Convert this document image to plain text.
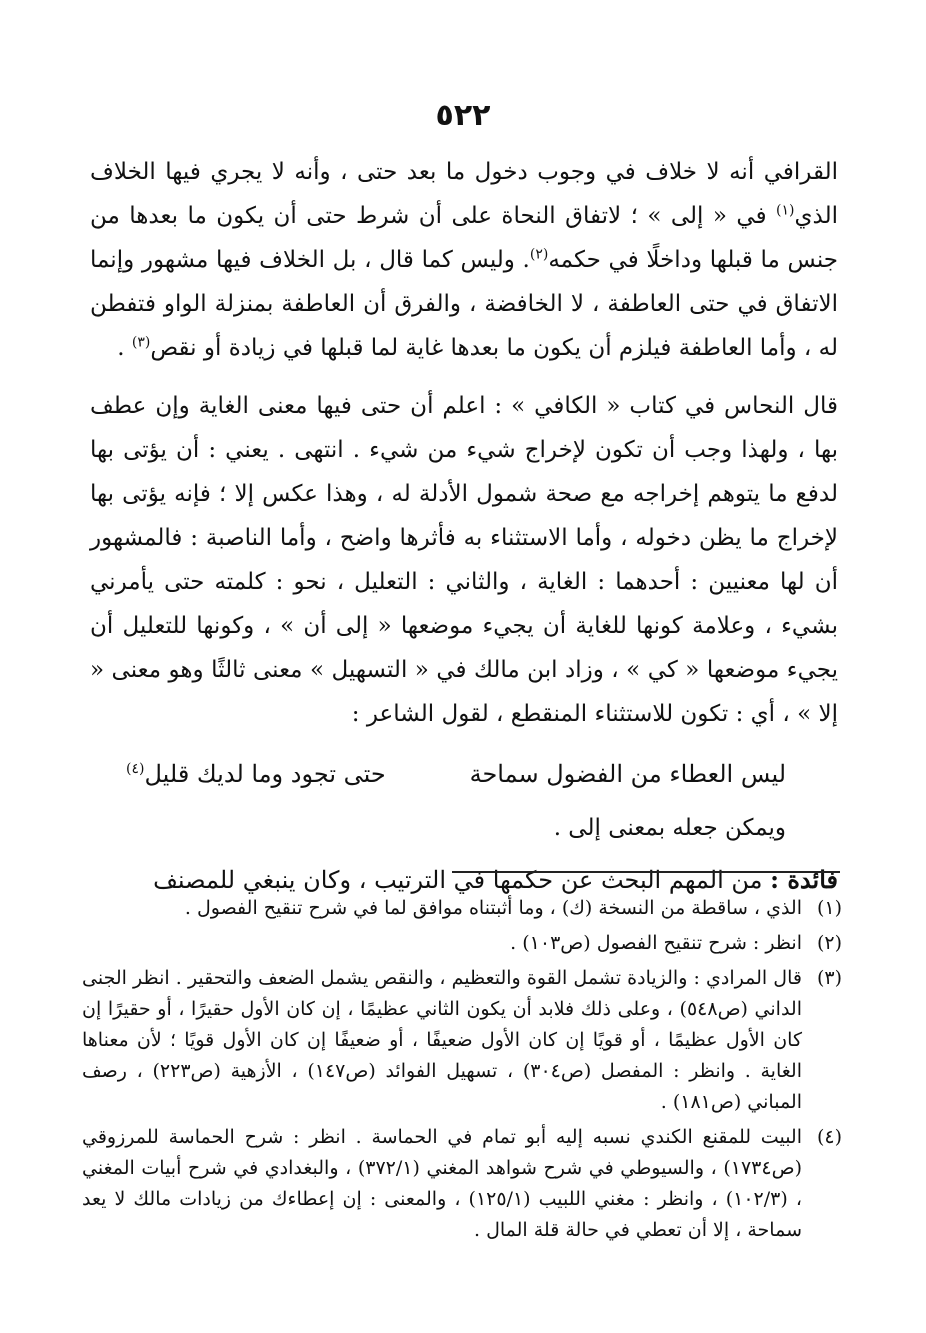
٥٢٢

القرافي أنه لا خلاف في وجوب دخول ما بعد حتى ، وأنه لا يجري فيها الخلاف الذي$^{(١)}$ في « إلى » ؛ لاتفاق النحاة على أن شرط حتى أن يكون ما بعدها من جنس ما قبلها وداخلًا في حكمه$^{(٢)}$. وليس كما قال ، بل الخلاف فيها مشهور وإنما الاتفاق في حتى العاطفة ، لا الخافضة ، والفرق أن العاطفة بمنزلة الواو فتفطن له ، وأما العاطفة فيلزم أن يكون ما بعدها غاية لما قبلها في زيادة أو نقص$^{(٣)}$ .

قال النحاس في كتاب « الكافي » : اعلم أن حتى فيها معنى الغاية وإن عطف بها ، ولهذا وجب أن تكون لإخراج شيء من شيء . انتهى . يعني : أن يؤتى بها لدفع ما يتوهم إخراجه مع صحة شمول الأدلة له ، وهذا عكس إلا ؛ فإنه يؤتى بها لإخراج ما يظن دخوله ، وأما الاستثناء به فأثرها واضح ، وأما الناصبة : فالمشهور أن لها معنيين : أحدهما : الغاية ، والثاني : التعليل ، نحو : كلمته حتى يأمرني بشيء ، وعلامة كونها للغاية أن يجيء موضعها « إلى أن » ، وكونها للتعليل أن يجيء موضعها « كي » ، وزاد ابن مالك في « التسهيل » معنى ثالثًا وهو معنى « إلا » ، أي : تكون للاستثناء المنقطع ، لقول الشاعر :

ليس العطاء من الفضول سماحة
حتى تجود وما لديك قليل$^{(٤)}$

ويمكن جعله بمعنى إلى .

فائدة : من المهم البحث عن حكمها في الترتيب ، وكان ينبغي للمصنف

(١)
الذي ، ساقطة من النسخة (ك) ، وما أثبتناه موافق لما في شرح تنقيح الفصول .
(٢)
انظر : شرح تنقيح الفصول (ص١٠٣) .
(٣)
قال المرادي : والزيادة تشمل القوة والتعظيم ، والنقص يشمل الضعف والتحقير . انظر الجنى الداني (ص٥٤٨) ، وعلى ذلك فلابد أن يكون الثاني عظيمًا ، إن كان الأول حقيرًا ، أو حقيرًا إن كان الأول عظيمًا ، أو قويًا إن كان الأول ضعيفًا ، أو ضعيفًا إن كان الأول قويًا ؛ لأن معناها الغاية . وانظر : المفصل (ص٣٠٤) ، تسهيل الفوائد (ص١٤٧) ، الأزهية (ص٢٢٣) ، رصف المباني (ص١٨١) .
(٤)
البيت للمقنع الكندي نسبه إليه أبو تمام في الحماسة . انظر : شرح الحماسة للمرزوقي (ص١٧٣٤) ، والسيوطي في شرح شواهد المغني (٣٧٢/١) ، والبغدادي في شرح أبيات المغني ، (١٠٢/٣) ، وانظر : مغني اللبيب (١٢٥/١) ، والمعنى : إن إعطاءك من زيادات مالك لا يعد سماحة ، إلا أن تعطي في حالة قلة المال .
